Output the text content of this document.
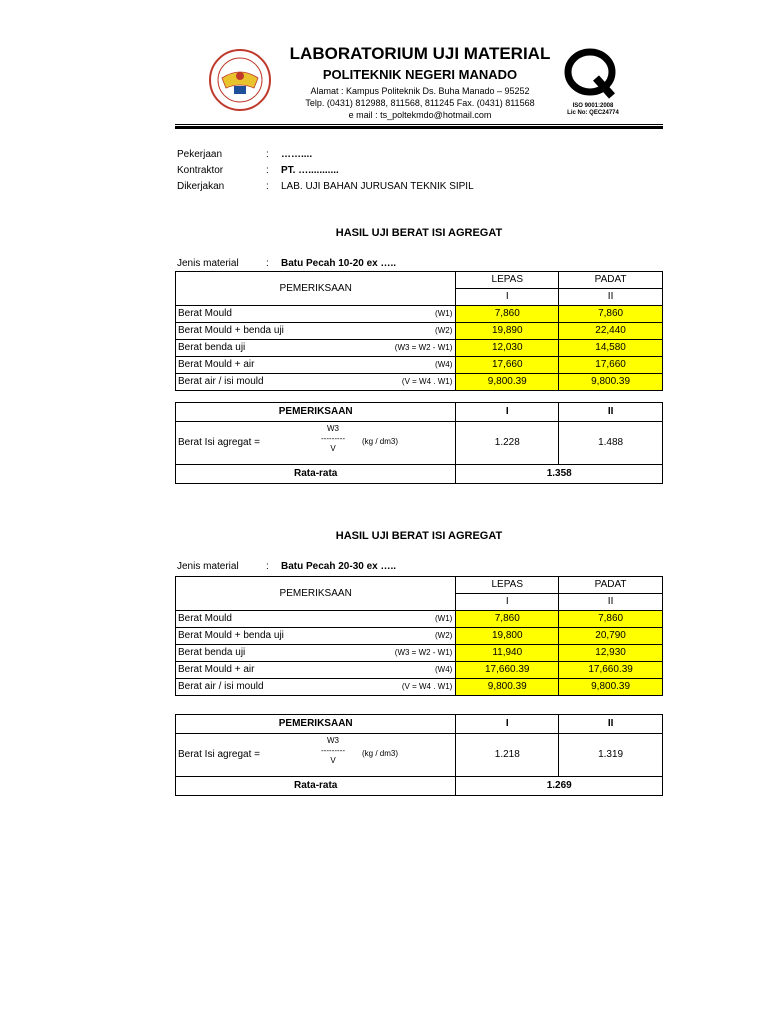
LABORATORIUM UJI MATERIAL
POLITEKNIK NEGERI MANADO
Alamat : Kampus Politeknik Ds. Buha Manado – 95252
Telp. (0431) 812988, 811568, 811245 Fax. (0431) 811568
e mail : ts_poltekmdo@hotmail.com
ISO 9001:2008
Lic No: QEC24774
Pekerjaan	: ……....
Kontraktor	: PT. …...........
Dikerjakan	: LAB. UJI BAHAN JURUSAN TEKNIK SIPIL
HASIL UJI BERAT ISI AGREGAT
Jenis material	: Batu Pecah 10-20 ex …..
PEMERIKSAAN	LEPAS	PADAT
	I	II
Berat Mould (W1)	7,860	7,860
Berat Mould + benda uji (W2)	19,890	22,440
Berat benda uji (W3 = W2 - W1)	12,030	14,580
Berat Mould + air (W4)	17,660	17,660
Berat air / isi mould (V = W4 . W1)	9,800.39	9,800.39
PEMERIKSAAN	I	II
Berat Isi agregat =
W3
---------
V
(kg / dm3)	1.228	1.488
Rata-rata	1.358	
HASIL UJI BERAT ISI AGREGAT
Jenis material	: Batu Pecah 20-30 ex …..
PEMERIKSAAN	LEPAS	PADAT
	I	II
Berat Mould (W1)	7,860	7,860
Berat Mould + benda uji (W2)	19,800	20,790
Berat benda uji (W3 = W2 - W1)	11,940	12,930
Berat Mould + air (W4)	17,660.39	17,660.39
Berat air / isi mould (V = W4 . W1)	9,800.39	9,800.39
PEMERIKSAAN	I	II
Berat Isi agregat =
W3
---------
V
(kg / dm3)	1.218	1.319
Rata-rata	1.269	
